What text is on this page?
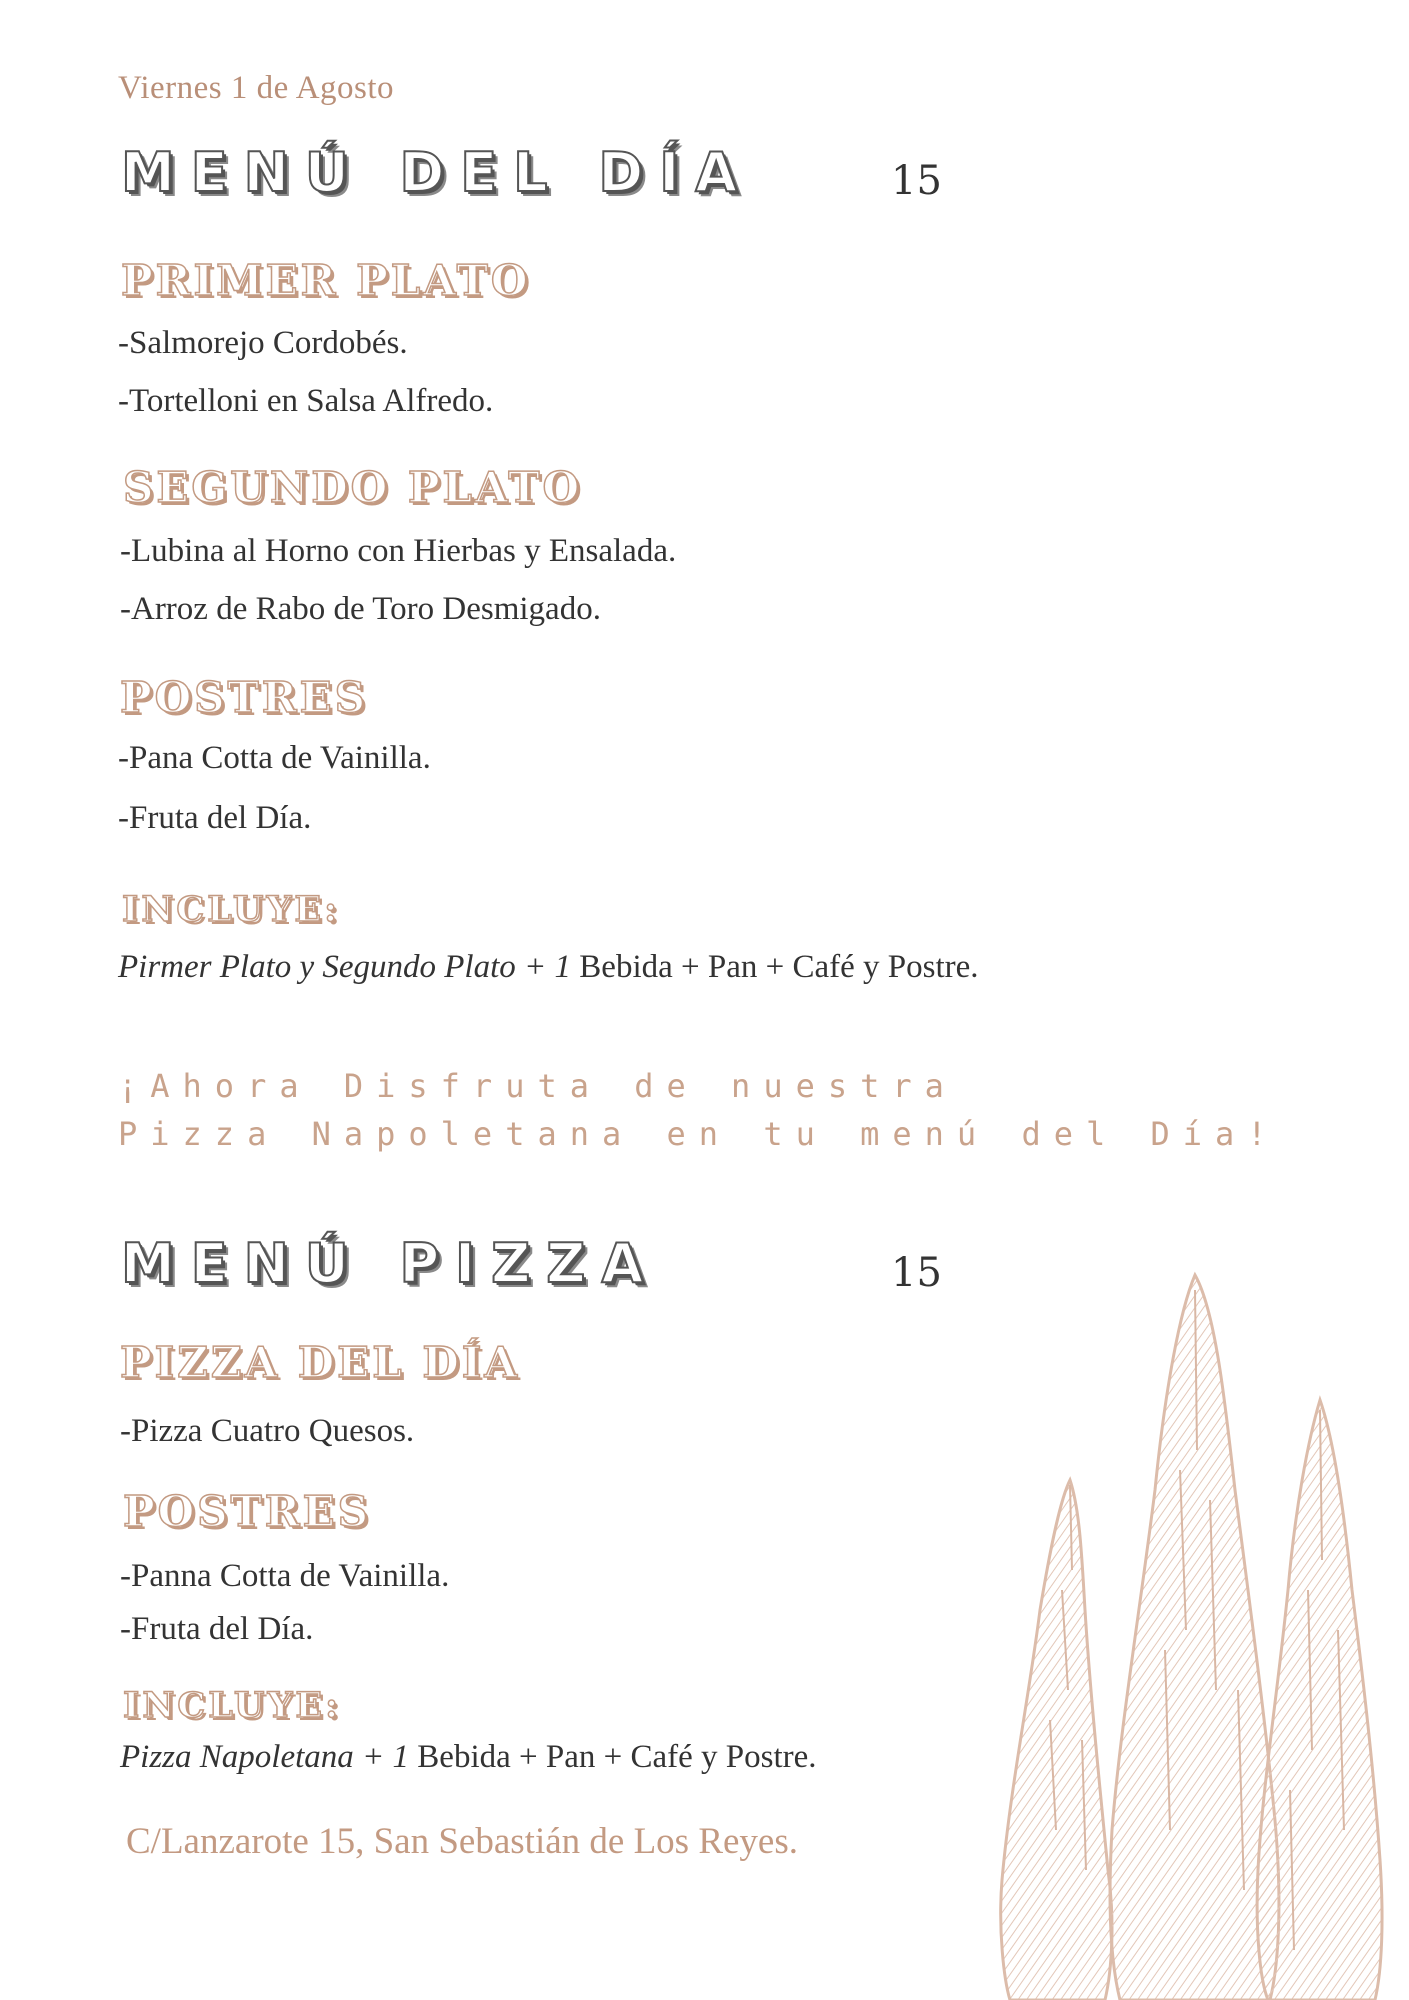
Viernes 1 de Agosto
MENÚ DEL DÍA	15
PRIMER PLATO
-Salmorejo Cordobés.
-Tortelloni en Salsa Alfredo.
SEGUNDO PLATO
-Lubina al Horno con Hierbas y Ensalada.
-Arroz de Rabo de Toro Desmigado.
POSTRES
-Pana Cotta de Vainilla.
-Fruta del Día.
INCLUYE:
Pirmer Plato y Segundo Plato + 1 Bebida + Pan + Café y Postre.
¡Ahora Disfruta de nuestra
Pizza Napoletana en tu menú del Día!
MENÚ PIZZA	15
PIZZA DEL DÍA
-Pizza Cuatro Quesos.
POSTRES
-Panna Cotta de Vainilla.
-Fruta del Día.
INCLUYE:
Pizza Napoletana + 1 Bebida + Pan + Café y Postre.
C/Lanzarote 15, San Sebastián de Los Reyes.
